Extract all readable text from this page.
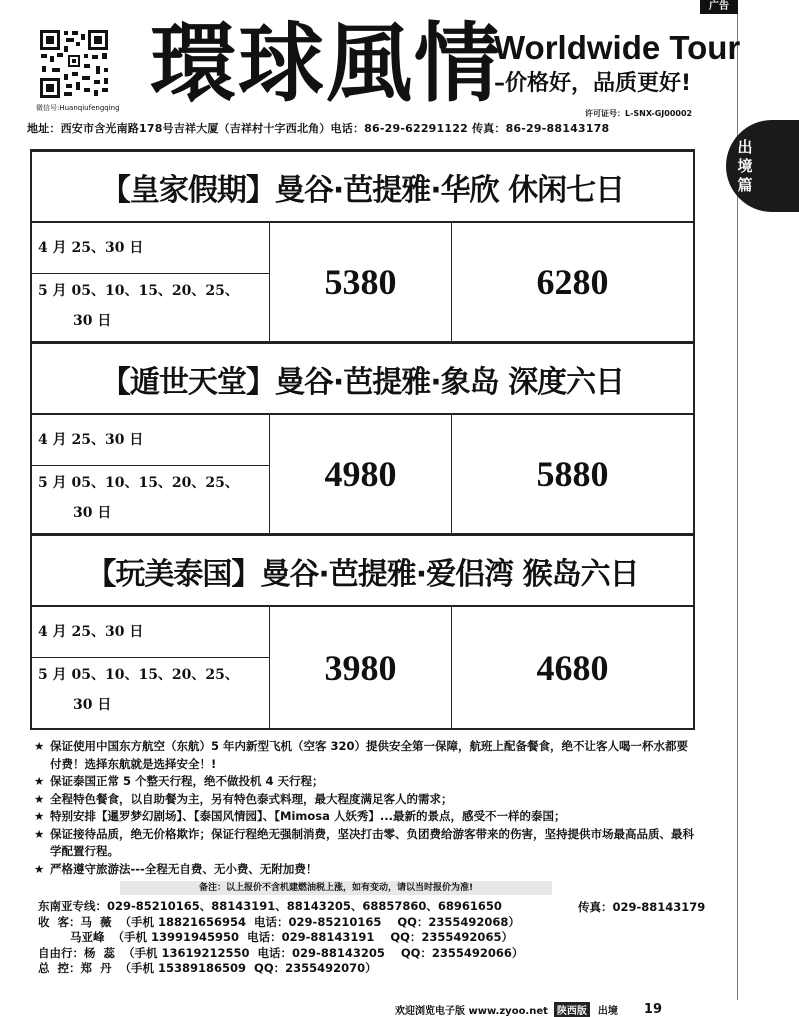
广告
微信号:Huanqiufengqing 環球風情
Worldwide Tour
–价格好，品质更好!
许可证号：L-SNX-GJ00002
地址：西安市含光南路178号吉祥大厦（吉祥村十字西北角）电话：86-29-62291122 传真：86-29-88143178
出
境
篇
【皇家假期】曼谷·芭提雅·华欣 休闲七日
4 月 25、30 日
5 月 05、10、15、20、25、
30 日
5380	6280
【遁世天堂】曼谷·芭提雅·象岛 深度六日
4 月 25、30 日
5 月 05、10、15、20、25、
30 日
4980	5880
【玩美泰国】曼谷·芭提雅·爱侣湾 猴岛六日
4 月 25、30 日
5 月 05、10、15、20、25、
30 日
3980	4680
★ 保证使用中国东方航空（东航）5 年内新型飞机（空客 320）提供安全第一保障，航班上配备餐食，绝不让客人喝一杯水都要付费！选择东航就是选择安全！!
★ 保证泰国正常 5 个整天行程，绝不做投机 4 天行程；
★ 全程特色餐食，以自助餐为主，另有特色泰式料理，最大程度满足客人的需求；
★ 特别安排【暹罗梦幻剧场】、【泰国风情园】、【Mimosa 人妖秀】...最新的景点，感受不一样的泰国；
★ 保证接待品质，绝无价格欺诈；保证行程绝无强制消费，坚决打击零、负团费给游客带来的伤害，坚持提供市场最高品质、最科学配置行程。
★ 严格遵守旅游法---全程无自费、无小费、无附加费！
备注：以上报价不含机建燃油税上涨，如有变动，请以当时报价为准!
东南亚专线：029-85210165、88143191、88143205、68857860、68961650
收  客：马  薇  （手机 18821656954  电话：029-85210165    QQ：2355492068）
马亚峰  （手机 13991945950  电话：029-88143191    QQ：2355492065）
自由行：杨  蕊  （手机 13619212550  电话：029-88143205    QQ：2355492066）
总  控：郑  丹  （手机 15389186509  QQ：2355492070）
传真：029-88143179
欢迎浏览电子版 www.zyoo.net 陕西版	出境 19
